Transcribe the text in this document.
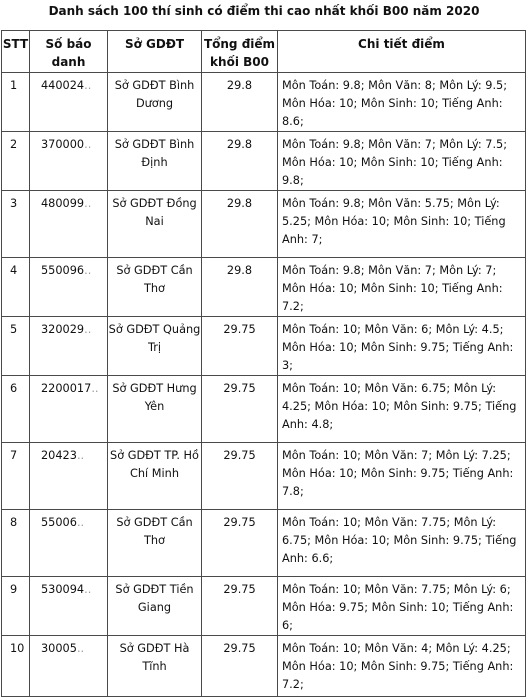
Danh sách 100 thí sinh có điểm thi cao nhất khối B00 năm 2020
STT	Số báo danh	Sở GDĐT	Tổng điểm khối B00	Chi tiết điểm
1	440024..	Sở GDĐT Bình Dương	29.8	Môn Toán: 9.8; Môn Văn: 8; Môn Lý: 9.5; Môn Hóa: 10; Môn Sinh: 10; Tiếng Anh: 8.6;
2	370000..	Sở GDĐT Bình Định	29.8	Môn Toán: 9.8; Môn Văn: 7; Môn Lý: 7.5; Môn Hóa: 10; Môn Sinh: 10; Tiếng Anh: 9.8;
3	480099..	Sở GDĐT Đồng Nai	29.8	Môn Toán: 9.8; Môn Văn: 5.75; Môn Lý: 5.25; Môn Hóa: 10; Môn Sinh: 10; Tiếng Anh: 7;
4	550096..	Sở GDĐT Cần Thơ	29.8	Môn Toán: 9.8; Môn Văn: 7; Môn Lý: 7; Môn Hóa: 10; Môn Sinh: 10; Tiếng Anh: 7.2;
5	320029..	Sở GDĐT Quảng Trị	29.75	Môn Toán: 10; Môn Văn: 6; Môn Lý: 4.5; Môn Hóa: 10; Môn Sinh: 9.75; Tiếng Anh: 3;
6	2200017..	Sở GDĐT Hưng Yên	29.75	Môn Toán: 10; Môn Văn: 6.75; Môn Lý: 4.25; Môn Hóa: 10; Môn Sinh: 9.75; Tiếng Anh: 4.8;
7	20423..	Sở GDĐT TP. Hồ Chí Minh	29.75	Môn Toán: 10; Môn Văn: 7; Môn Lý: 7.25; Môn Hóa: 10; Môn Sinh: 9.75; Tiếng Anh: 7.8;
8	55006..	Sở GDĐT Cần Thơ	29.75	Môn Toán: 10; Môn Văn: 7.75; Môn Lý: 6.75; Môn Hóa: 10; Môn Sinh: 9.75; Tiếng Anh: 6.6;
9	530094..	Sở GDĐT Tiền Giang	29.75	Môn Toán: 10; Môn Văn: 7.75; Môn Lý: 6; Môn Hóa: 9.75; Môn Sinh: 10; Tiếng Anh: 6;
10	30005..	Sở GDĐT Hà Tĩnh	29.75	Môn Toán: 10; Môn Văn: 4; Môn Lý: 4.25; Môn Hóa: 10; Môn Sinh: 9.75; Tiếng Anh: 7.2;
